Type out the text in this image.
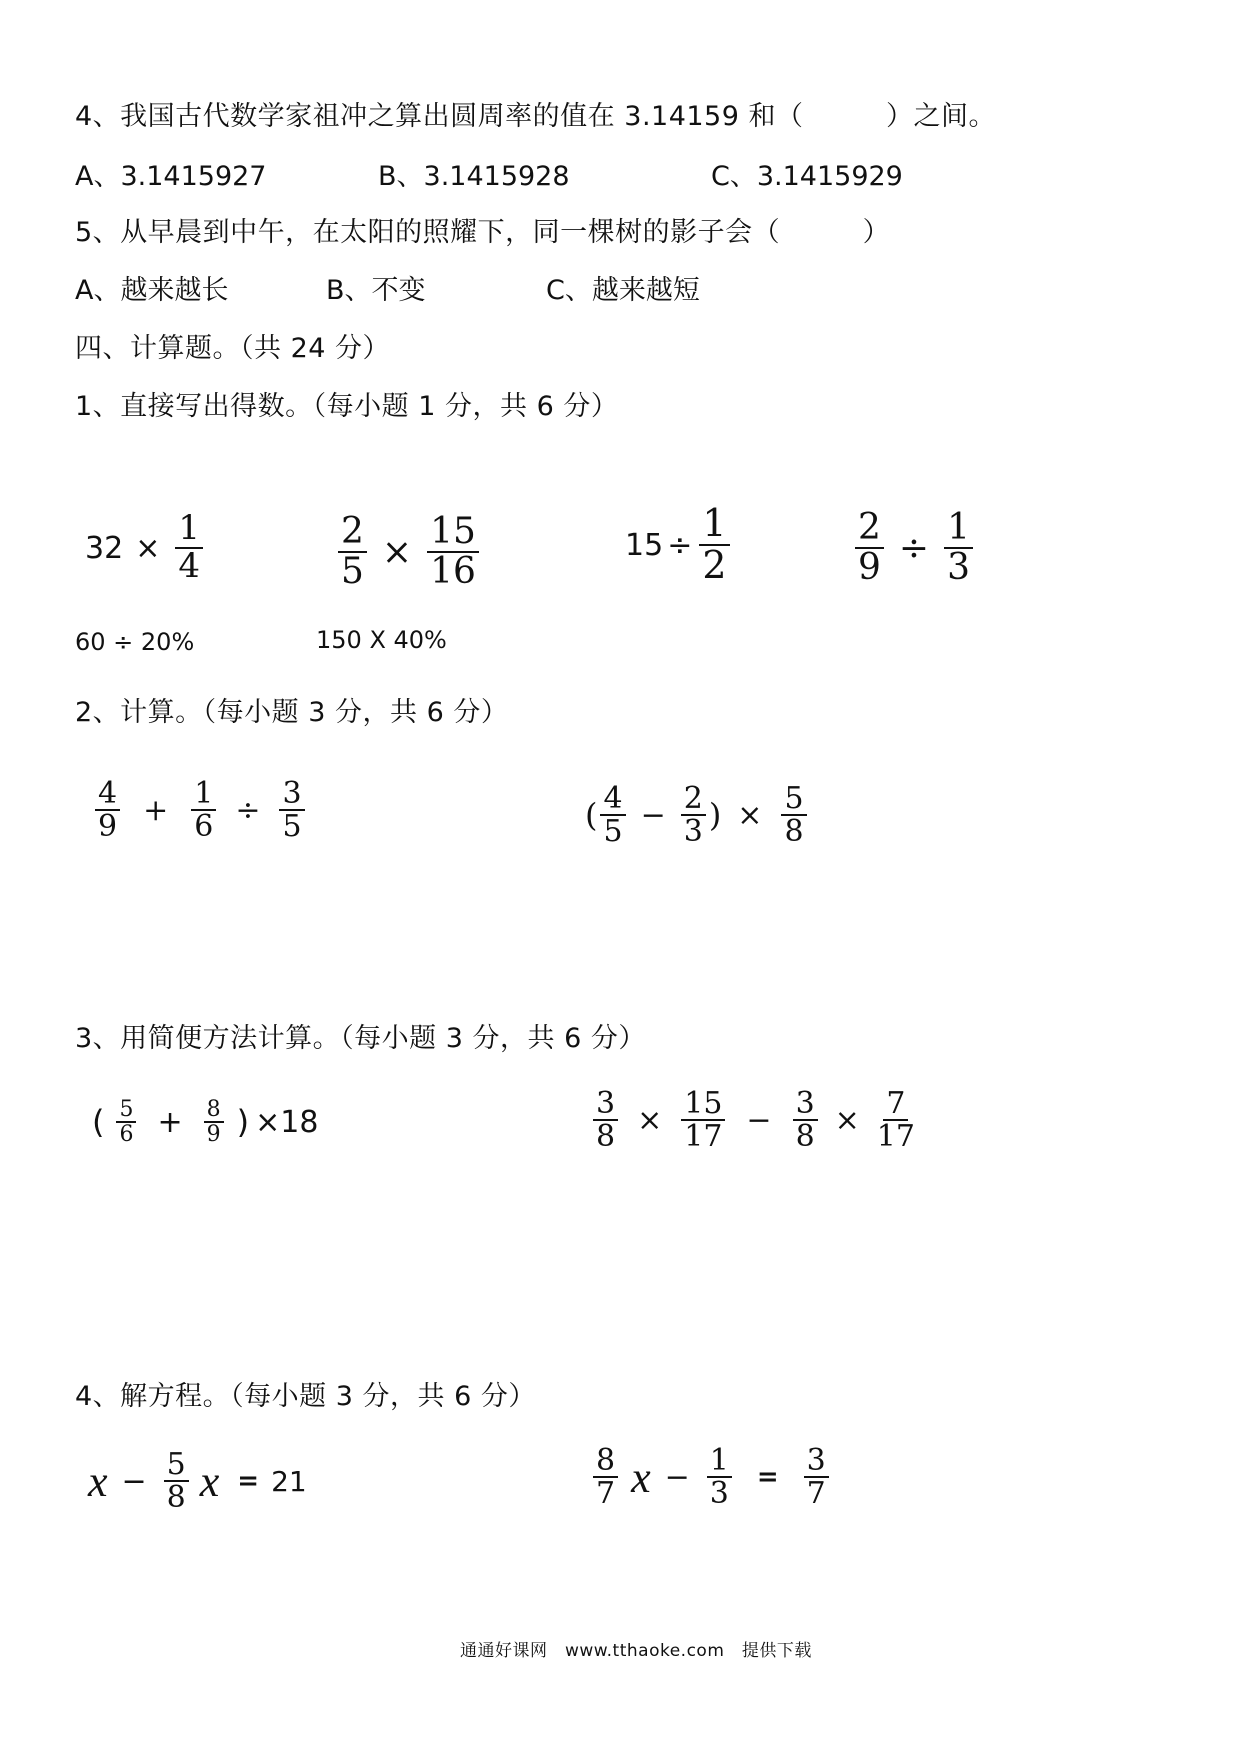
4、我国古代数学家祖冲之算出圆周率的值在 3.14159 和（　　　）之间。
A、3.1415927	B、3.1415928	C、3.1415929
5、从早晨到中午，在太阳的照耀下，同一棵树的影子会（　　　）
A、越来越长	B、不变	C、越来越短
四、计算题。（共 24 分）
1、直接写出得数。（每小题 1 分，共 6 分）
$32 \times \frac{1}{4}$	$\frac{2}{5} \times \frac{15}{16}$	$15 \div \frac{1}{2}$	$\frac{2}{9} \div \frac{1}{3}$
60 ÷ 20%	150 X 40%
2、计算。（每小题 3 分，共 6 分）
$\frac{4}{9} + \frac{1}{6} \div \frac{3}{5}$	( $\frac{4}{5} - \frac{2}{3}$ ) × $\frac{5}{8}$
3、用简便方法计算。（每小题 3 分，共 6 分）
( $\frac{5}{6} + \frac{8}{9}$ ) ×18	$\frac{3}{8} \times \frac{15}{17} - \frac{3}{8} \times \frac{7}{17}$
4、解方程。（每小题 3 分，共 6 分）
$x - \frac{5}{8}$ x = 21	$\frac{8}{7}$ $x - \frac{1}{3} = \frac{3}{7}$
通通好课网　www.tthaoke.com　提供下载
